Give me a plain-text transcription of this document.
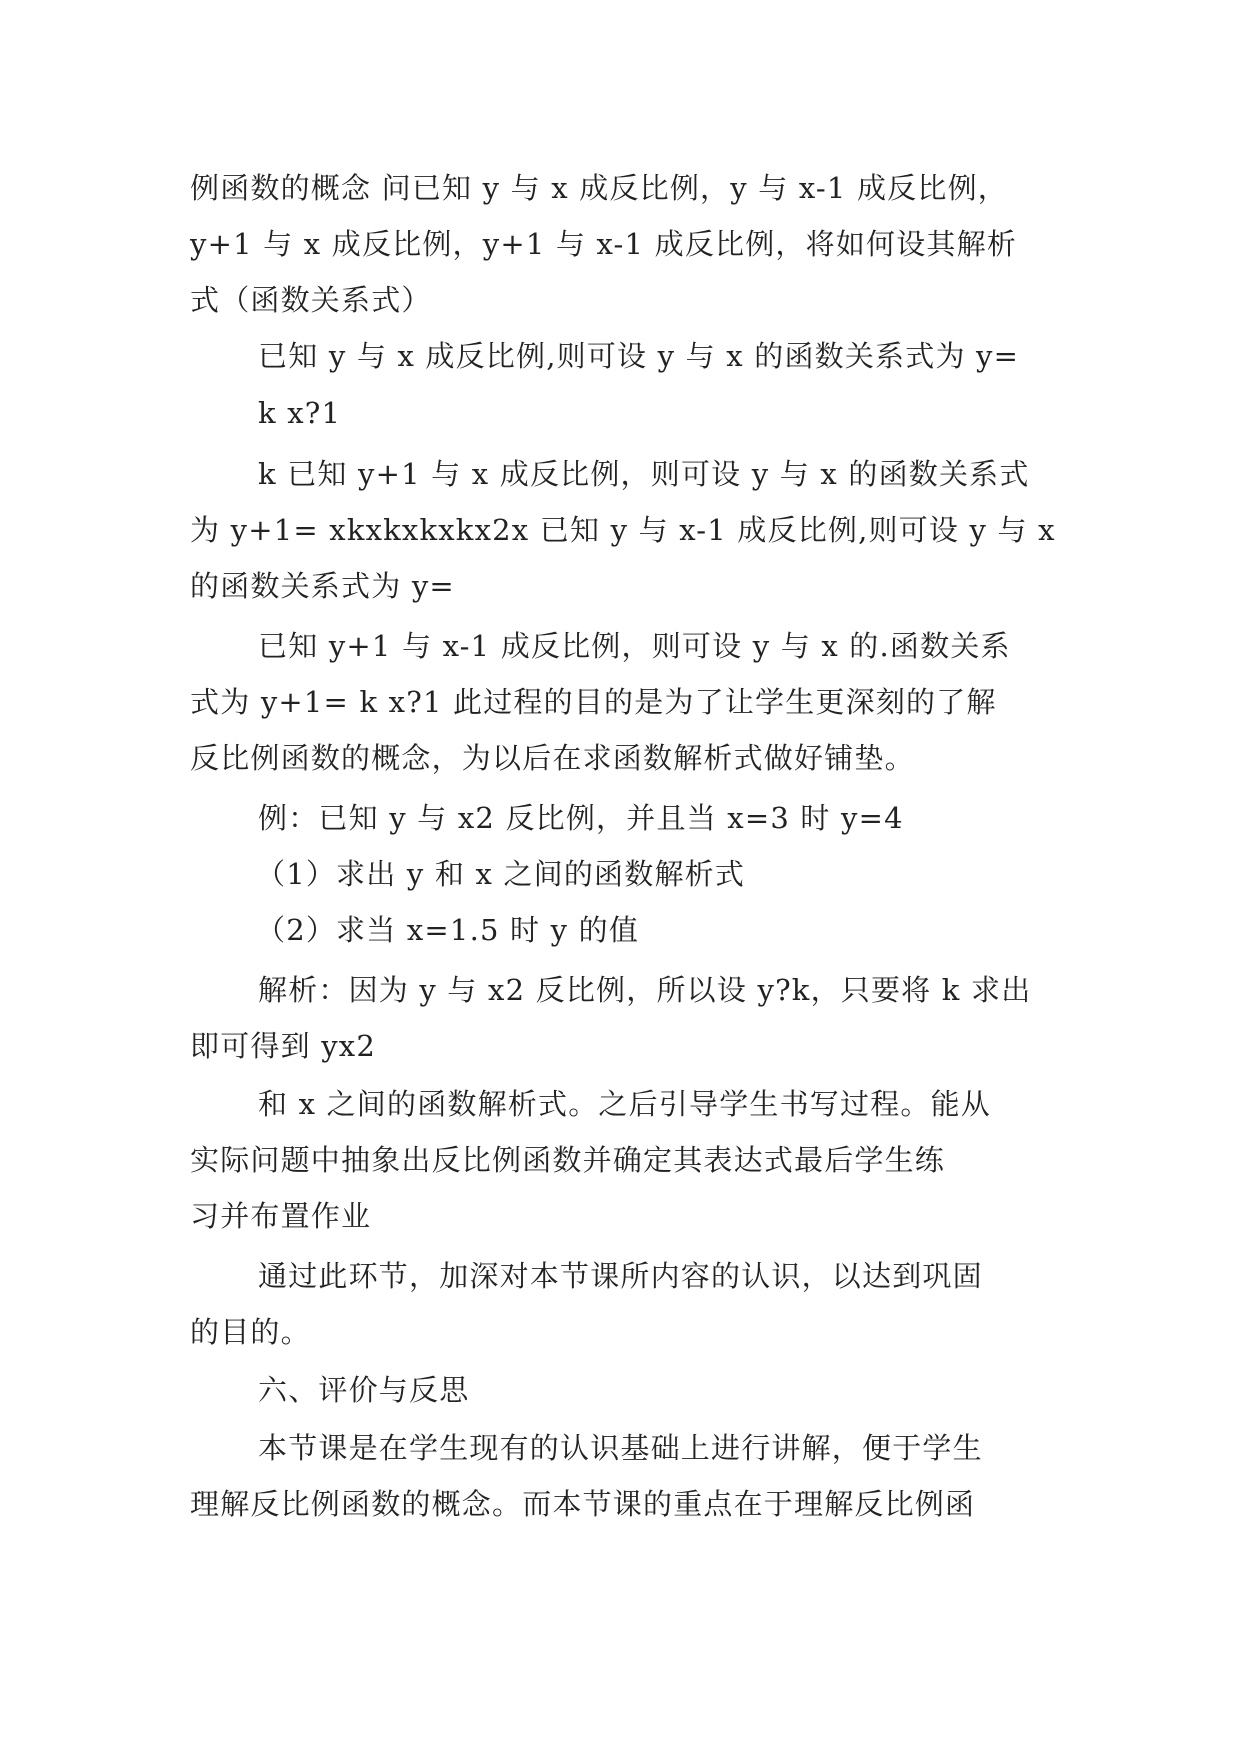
例函数的概念 问已知 y 与 x 成反比例，y 与 x-1 成反比例，
y+1 与 x 成反比例，y+1 与 x-1 成反比例，将如何设其解析
式（函数关系式）
已知 y 与 x 成反比例,则可设 y 与 x 的函数关系式为 y=
k x?1
k 已知 y+1 与 x 成反比例，则可设 y 与 x 的函数关系式
为 y+1= xkxkxkxkx2x 已知 y 与 x-1 成反比例,则可设 y 与 x
的函数关系式为 y=
已知 y+1 与 x-1 成反比例，则可设 y 与 x 的.函数关系
式为 y+1= k x?1 此过程的目的是为了让学生更深刻的了解
反比例函数的概念，为以后在求函数解析式做好铺垫。
例：已知 y 与 x2 反比例，并且当 x=3 时 y=4
（1）求出 y 和 x 之间的函数解析式
（2）求当 x=1.5 时 y 的值
解析：因为 y 与 x2 反比例，所以设 y?k，只要将 k 求出
即可得到 yx2
和 x 之间的函数解析式。之后引导学生书写过程。能从
实际问题中抽象出反比例函数并确定其表达式最后学生练
习并布置作业
通过此环节，加深对本节课所内容的认识，以达到巩固
的目的。
六、评价与反思
本节课是在学生现有的认识基础上进行讲解，便于学生
理解反比例函数的概念。而本节课的重点在于理解反比例函
